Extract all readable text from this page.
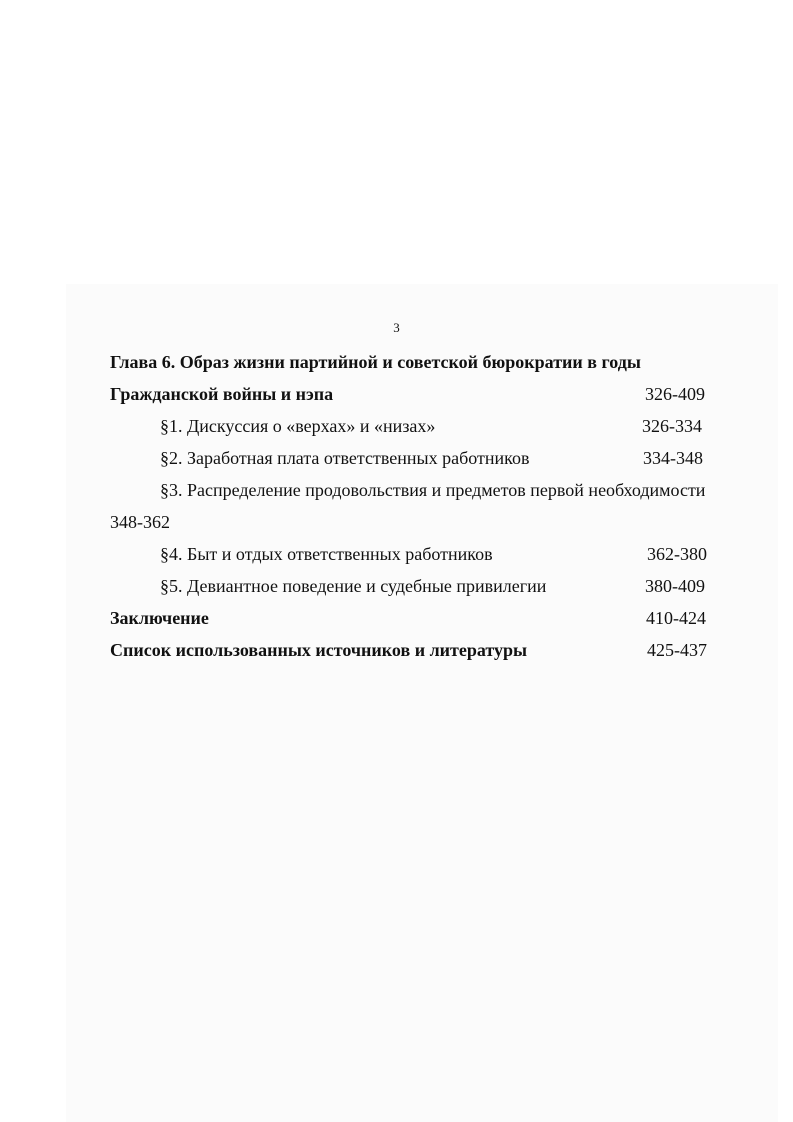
3
Глава 6. Образ жизни партийной и советской бюрократии в годы
Гражданской войны и нэпа	326-409
§1. Дискуссия о «верхах» и «низах»	326-334
§2. Заработная плата ответственных работников	334-348
§3. Распределение продовольствия и предметов первой необходимости
348-362
§4. Быт и отдых ответственных работников	362-380
§5. Девиантное поведение и судебные привилегии	380-409
Заключение	410-424
Список использованных источников и литературы	425-437
